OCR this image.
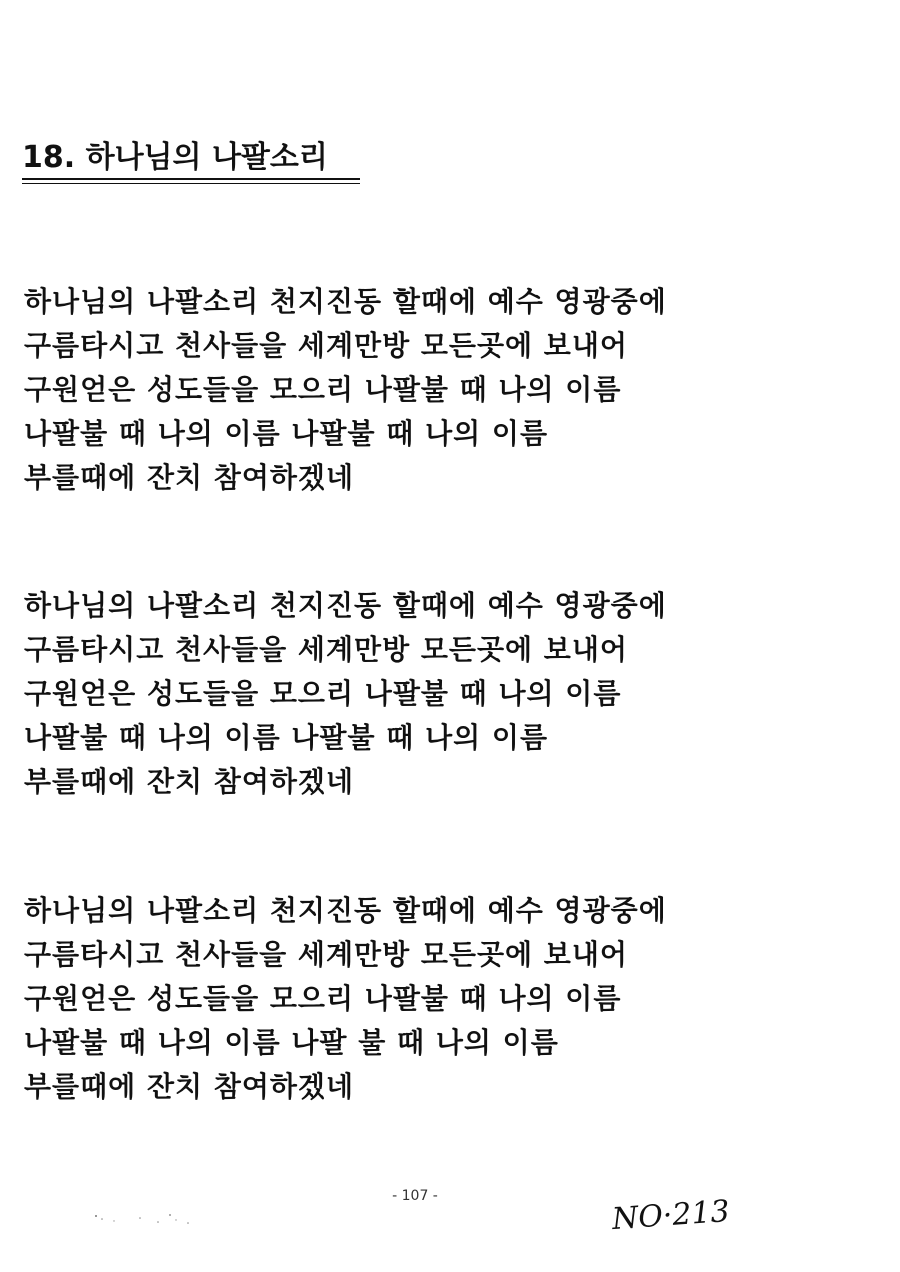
18. 하나님의 나팔소리
하나님의 나팔소리 천지진동 할때에 예수 영광중에
구름타시고 천사들을 세계만방 모든곳에 보내어
구원얻은 성도들을 모으리 나팔불 때 나의 이름
나팔불 때 나의 이름 나팔불 때 나의 이름
부를때에 잔치 참여하겠네
하나님의 나팔소리 천지진동 할때에 예수 영광중에
구름타시고 천사들을 세계만방 모든곳에 보내어
구원얻은 성도들을 모으리 나팔불 때 나의 이름
나팔불 때 나의 이름 나팔불 때 나의 이름
부를때에 잔치 참여하겠네
하나님의 나팔소리 천지진동 할때에 예수 영광중에
구름타시고 천사들을 세계만방 모든곳에 보내어
구원얻은 성도들을 모으리 나팔불 때 나의 이름
나팔불 때 나의 이름 나팔 불 때 나의 이름
부를때에 잔치 참여하겠네
- 107 -	NO·213
